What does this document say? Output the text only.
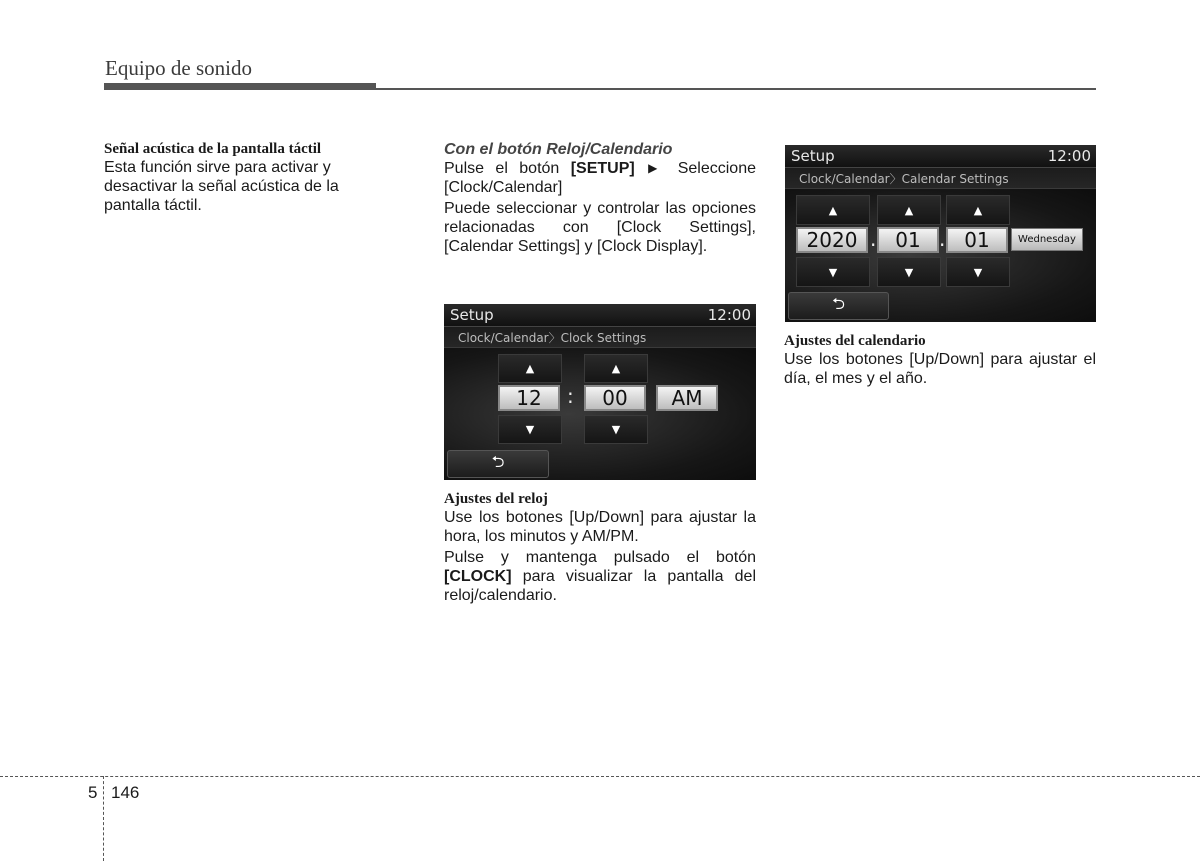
Equipo de sonido

Señal acústica de la pantalla táctil

Esta función sirve para activar y desactivar la señal acústica de la pantalla táctil.

Con el botón Reloj/Calendario

Pulse el botón [SETUP] ▶ Seleccione [Clock/Calendar]

Puede seleccionar y controlar las opciones relacionadas con [Clock Settings], [Calendar Settings] y [Clock Display].

Setup	12:00
Clock/Calendar〉Clock Settings
▲	▲
12	:	00	AM
▼	▼
⮌

Ajustes del reloj

Use los botones [Up/Down] para ajustar la hora, los minutos y AM/PM.

Pulse y mantenga pulsado el botón [CLOCK] para visualizar la pantalla del reloj/calendario.

Setup	12:00
Clock/Calendar〉Calendar Settings
▲	▲	▲
2020 . 01 . 01	Wednesday
▼	▼	▼
⮌

Ajustes del calendario

Use los botones [Up/Down] para ajustar el día, el mes y el año.

5 146
